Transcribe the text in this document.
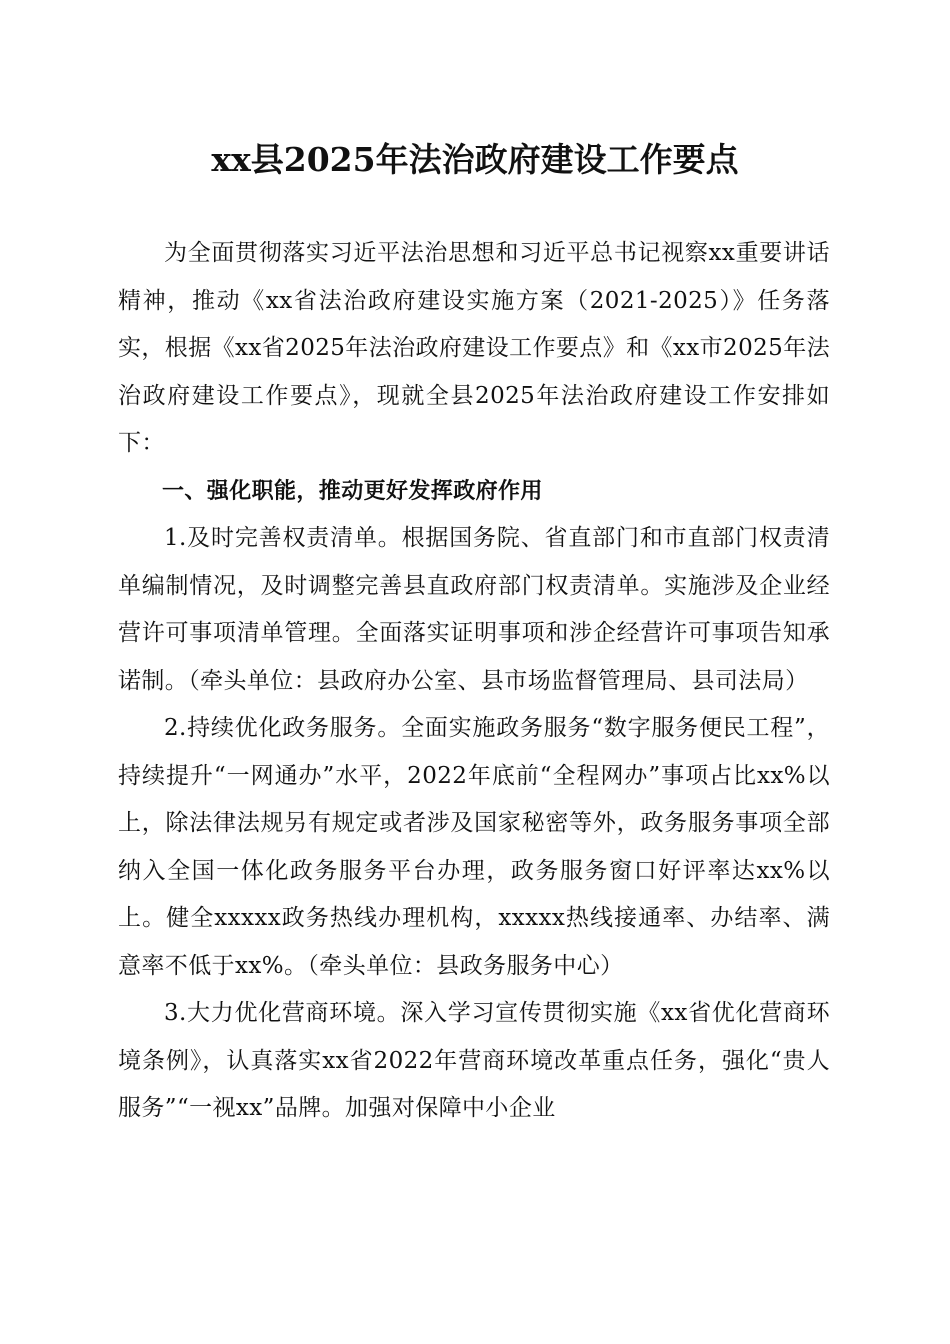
xx县2025年法治政府建设工作要点

为全面贯彻落实习近平法治思想和习近平总书记视察xx重要讲话精神，推动《xx省法治政府建设实施方案（2021-2025）》任务落实，根据《xx省2025年法治政府建设工作要点》和《xx市2025年法治政府建设工作要点》，现就全县2025年法治政府建设工作安排如下：

一、强化职能，推动更好发挥政府作用

1.及时完善权责清单。根据国务院、省直部门和市直部门权责清单编制情况，及时调整完善县直政府部门权责清单。实施涉及企业经营许可事项清单管理。全面落实证明事项和涉企经营许可事项告知承诺制。（牵头单位：县政府办公室、县市场监督管理局、县司法局）

2.持续优化政务服务。全面实施政务服务“数字服务便民工程”，持续提升“一网通办”水平，2022年底前“全程网办”事项占比xx%以上，除法律法规另有规定或者涉及国家秘密等外，政务服务事项全部纳入全国一体化政务服务平台办理，政务服务窗口好评率达xx%以上。健全xxxxx政务热线办理机构，xxxxx热线接通率、办结率、满意率不低于xx%。（牵头单位：县政务服务中心）

3.大力优化营商环境。深入学习宣传贯彻实施《xx省优化营商环境条例》，认真落实xx省2022年营商环境改革重点任务，强化“贵人服务”“一视xx”品牌。加强对保障中小企业
